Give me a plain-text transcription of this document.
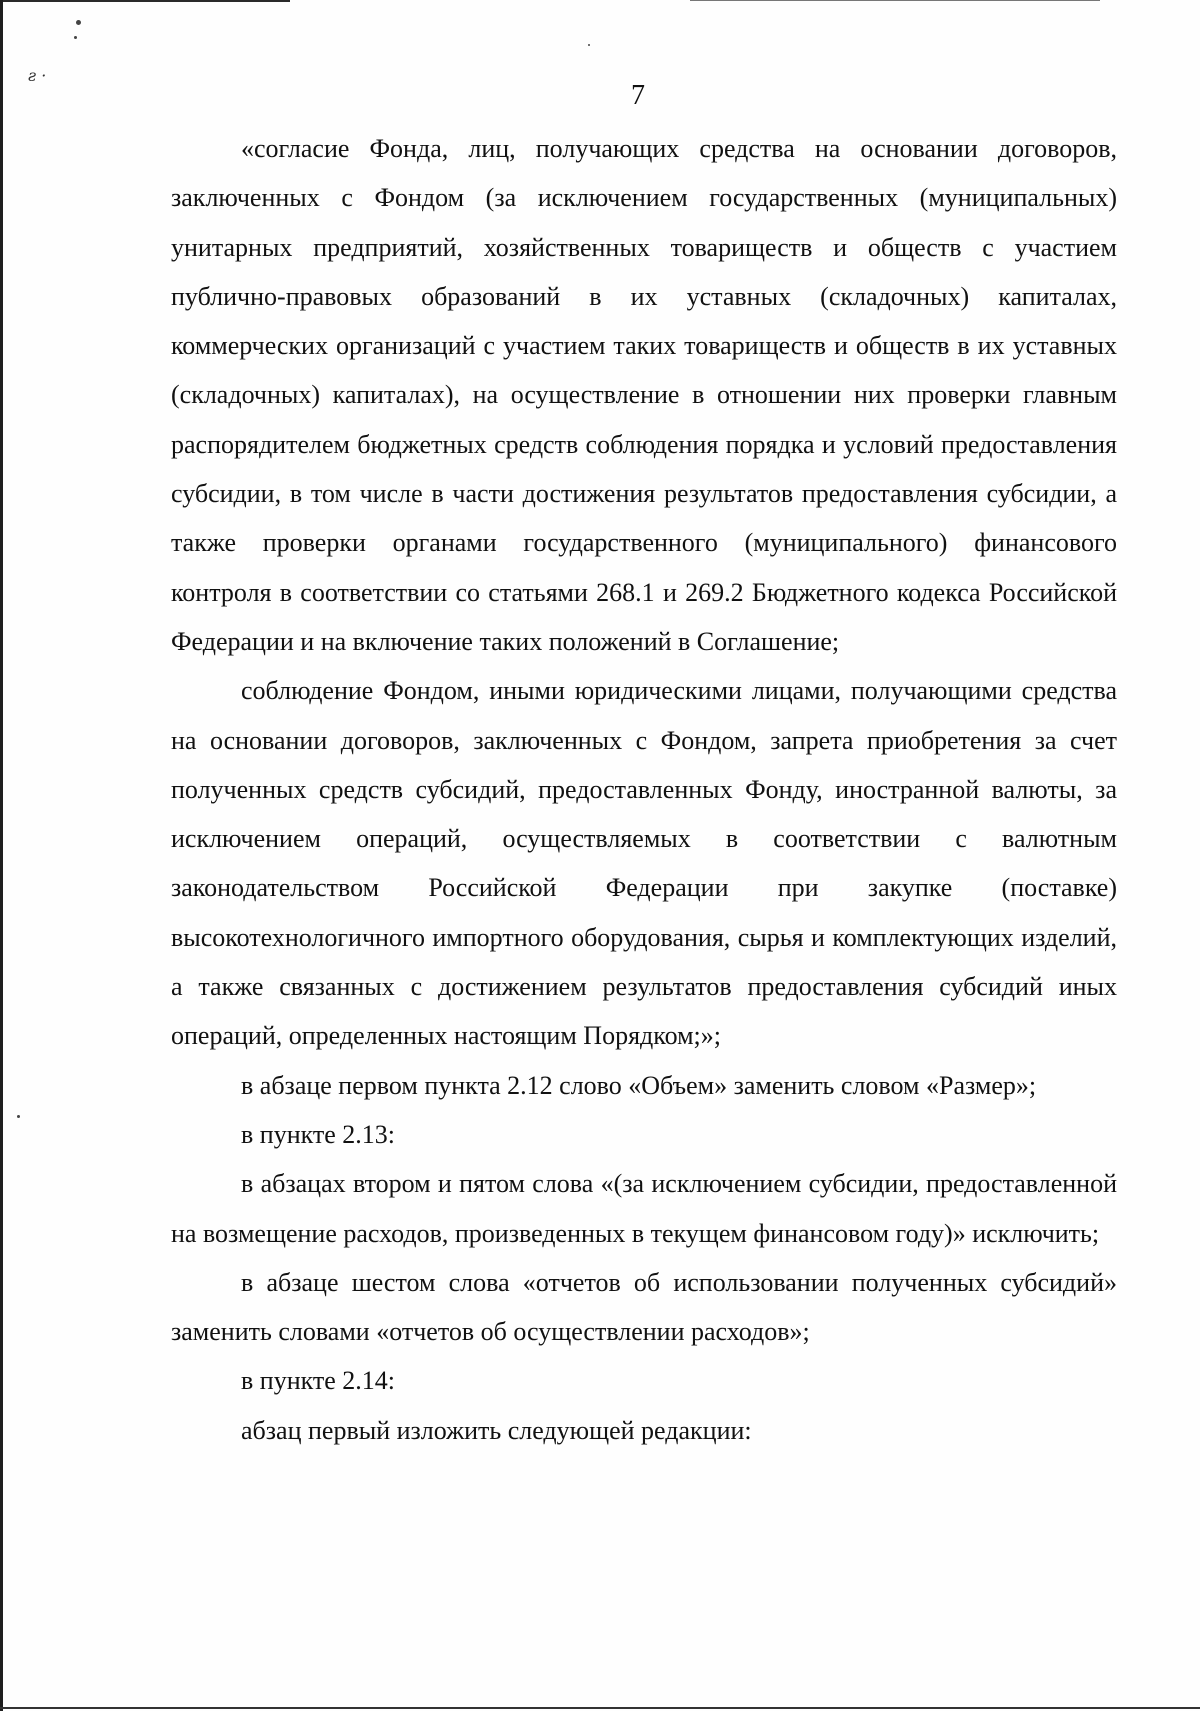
ƨ ·
7

«согласие Фонда, лиц, получающих средства на основании договоров, заключенных с Фондом (за исключением государственных (муниципальных) унитарных предприятий, хозяйственных товариществ и обществ с участием публично-правовых образований в их уставных (складочных) капиталах, коммерческих организаций с участием таких товариществ и обществ в их уставных (складочных) капиталах), на осуществление в отношении них проверки главным распорядителем бюджетных средств соблюдения порядка и условий предоставления субсидии, в том числе в части достижения результатов предоставления субсидии, а также проверки органами государственного (муниципального) финансового контроля в соответствии со статьями 268.1 и 269.2 Бюджетного кодекса Российской Федерации и на включение таких положений в Соглашение;

соблюдение Фондом, иными юридическими лицами, получающими средства на основании договоров, заключенных с Фондом, запрета приобретения за счет полученных средств субсидий, предоставленных Фонду, иностранной валюты, за исключением операций, осуществляемых в соответствии с валютным законодательством Российской Федерации при закупке (поставке) высокотехнологичного импортного оборудования, сырья и комплектующих изделий, а также связанных с достижением результатов предоставления субсидий иных операций, определенных настоящим Порядком;»;

в абзаце первом пункта 2.12 слово «Объем» заменить словом «Размер»;

в пункте 2.13:

в абзацах втором и пятом слова «(за исключением субсидии, предоставленной на возмещение расходов, произведенных в текущем финансовом году)» исключить;

в абзаце шестом слова «отчетов об использовании полученных субсидий» заменить словами «отчетов об осуществлении расходов»;

в пункте 2.14:

абзац первый изложить следующей редакции:
